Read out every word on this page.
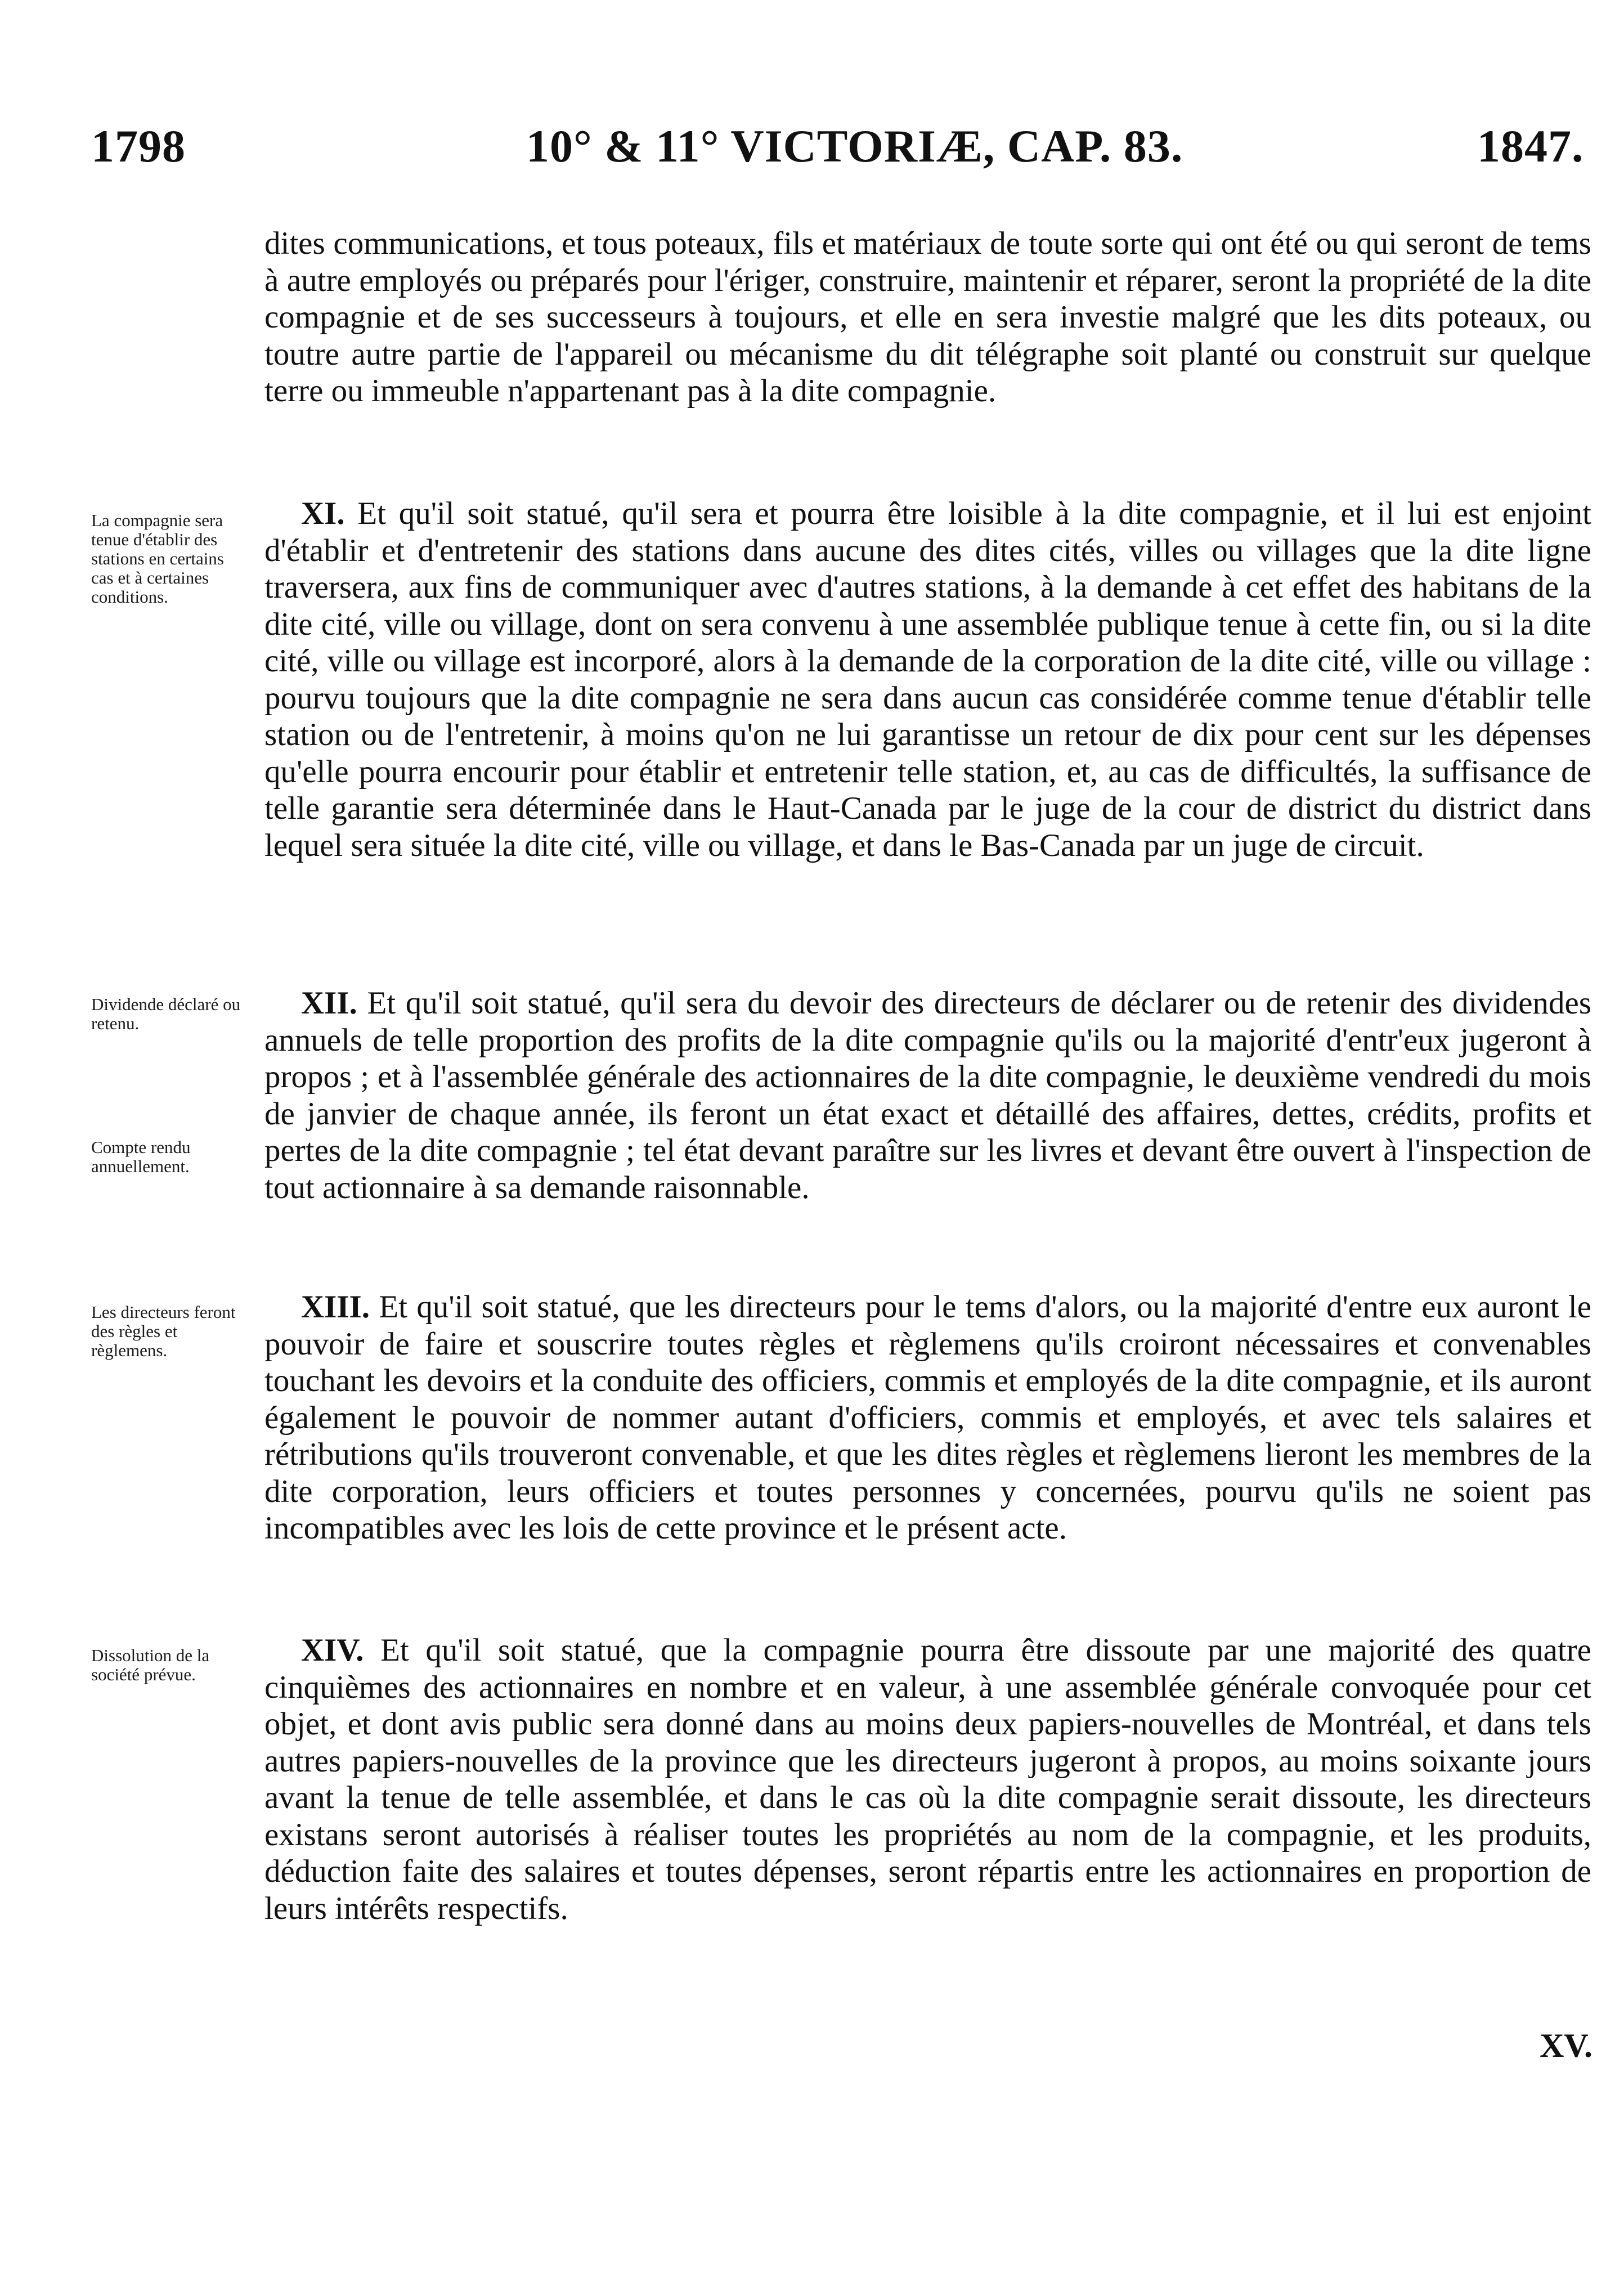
1798	10° & 11° VICTORIÆ, CAP. 83.	1847.

dites communications, et tous poteaux, fils et matériaux de toute sorte qui ont été ou qui seront de tems à autre employés ou préparés pour l'ériger, construire, maintenir et réparer, seront la propriété de la dite compagnie et de ses successeurs à toujours, et elle en sera investie malgré que les dits poteaux, ou toutre autre partie de l'appareil ou mécanisme du dit télégraphe soit planté ou construit sur quelque terre ou immeuble n'appartenant pas à la dite compagnie.

XI. Et qu'il soit statué, qu'il sera et pourra être loisible à la dite compagnie, et il lui est enjoint d'établir et d'entretenir des stations dans aucune des dites cités, villes ou villages que la dite ligne traversera, aux fins de communiquer avec d'autres stations, à la demande à cet effet des habitans de la dite cité, ville ou village, dont on sera convenu à une assemblée publique tenue à cette fin, ou si la dite cité, ville ou village est incorporé, alors à la demande de la corporation de la dite cité, ville ou village : pourvu toujours que la dite compagnie ne sera dans aucun cas considérée comme tenue d'établir telle station ou de l'entretenir, à moins qu'on ne lui garantisse un retour de dix pour cent sur les dépenses qu'elle pourra encourir pour établir et entretenir telle station, et, au cas de difficultés, la suffisance de telle garantie sera déterminée dans le Haut-Canada par le juge de la cour de district du district dans lequel sera située la dite cité, ville ou village, et dans le Bas-Canada par un juge de circuit.
La compagnie sera tenue d'établir des stations en certains cas et à certaines conditions.
XII. Et qu'il soit statué, qu'il sera du devoir des directeurs de déclarer ou de retenir des dividendes annuels de telle proportion des profits de la dite compagnie qu'ils ou la majorité d'entr'eux jugeront à propos ; et à l'assemblée générale des actionnaires de la dite compagnie, le deuxième vendredi du mois de janvier de chaque année, ils feront un état exact et détaillé des affaires, dettes, crédits, profits et pertes de la dite compagnie ; tel état devant paraître sur les livres et devant être ouvert à l'inspection de tout actionnaire à sa demande raisonnable.
Dividende déclaré ou retenu.
Compte rendu annuellement.
XIII. Et qu'il soit statué, que les directeurs pour le tems d'alors, ou la majorité d'entre eux auront le pouvoir de faire et souscrire toutes règles et règlemens qu'ils croiront nécessaires et convenables touchant les devoirs et la conduite des officiers, commis et employés de la dite compagnie, et ils auront également le pouvoir de nommer autant d'officiers, commis et employés, et avec tels salaires et rétributions qu'ils trouveront convenable, et que les dites règles et règlemens lieront les membres de la dite corporation, leurs officiers et toutes personnes y concernées, pourvu qu'ils ne soient pas incompatibles avec les lois de cette province et le présent acte.
Les directeurs feront des règles et règlemens.
XIV. Et qu'il soit statué, que la compagnie pourra être dissoute par une majorité des quatre cinquièmes des actionnaires en nombre et en valeur, à une assemblée générale convoquée pour cet objet, et dont avis public sera donné dans au moins deux papiers-nouvelles de Montréal, et dans tels autres papiers-nouvelles de la province que les directeurs jugeront à propos, au moins soixante jours avant la tenue de telle assemblée, et dans le cas où la dite compagnie serait dissoute, les directeurs existans seront autorisés à réaliser toutes les propriétés au nom de la compagnie, et les produits, déduction faite des salaires et toutes dépenses, seront répartis entre les actionnaires en proportion de leurs intérêts respectifs.
Dissolution de la société prévue.
XV.
